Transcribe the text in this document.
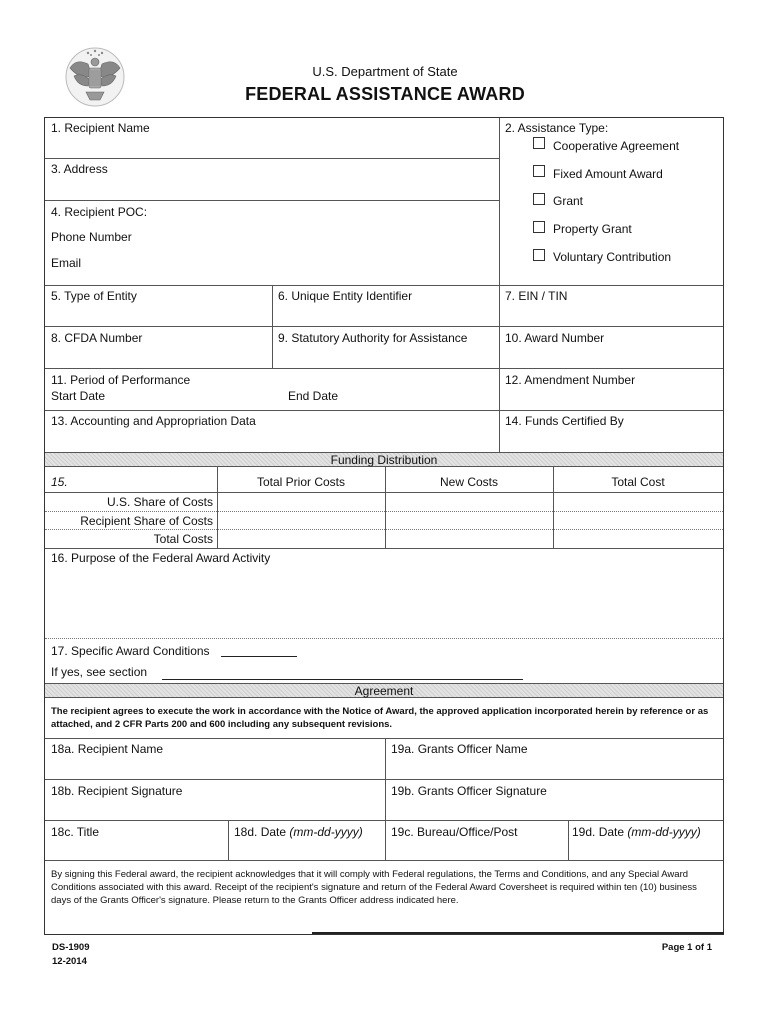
U.S. Department of State
FEDERAL ASSISTANCE AWARD
1. Recipient Name
3. Address
4. Recipient POC:
Phone Number
Email
2. Assistance Type:
Cooperative Agreement
Fixed Amount Award
Grant
Property Grant
Voluntary Contribution
5. Type of Entity	6. Unique Entity Identifier	7. EIN / TIN
8. CFDA Number	9. Statutory Authority for Assistance	10. Award Number
11. Period of Performance
Start Date	End Date
12. Amendment Number
13. Accounting and Appropriation Data	14. Funds Certified By
Funding Distribution
15.	Total Prior Costs	New Costs	Total Cost
U.S. Share of Costs
Recipient Share of Costs
Total Costs
16. Purpose of the Federal Award Activity
17. Specific Award Conditions
If yes, see section
Agreement
The recipient agrees to execute the work in accordance with the Notice of Award, the approved application incorporated herein by reference or as attached, and 2 CFR Parts 200 and 600 including any subsequent revisions.
18a. Recipient Name	19a. Grants Officer Name
18b. Recipient Signature	19b. Grants Officer Signature
18c. Title	18d. Date (mm-dd-yyyy) 19c. Bureau/Office/Post	19d. Date (mm-dd-yyyy)
By signing this Federal award, the recipient acknowledges that it will comply with Federal regulations, the Terms and Conditions, and any Special Award Conditions associated with this award. Receipt of the recipient's signature and return of the Federal Award Coversheet is required within ten (10) business days of the Grants Officer's signature. Please return to the Grants Officer address indicated here.
DS-1909
12-2014
Page 1 of 1
